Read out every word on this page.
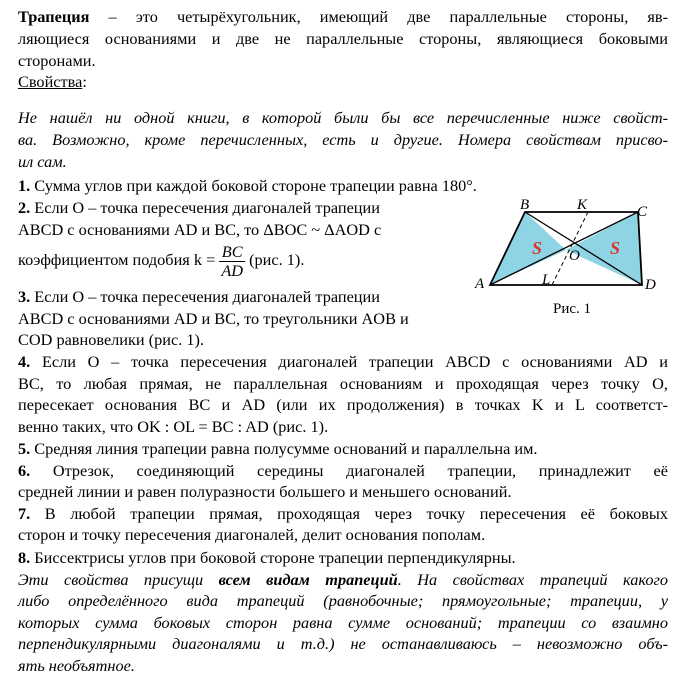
Трапеция – это четырёхугольник, имеющий две параллельные стороны, яв-
ляющиеся основаниями и две не параллельные стороны, являющиеся боковыми
сторонами.
Свойства:
Не нашёл ни одной книги, в которой были бы все перечисленные ниже свойст-
ва. Возможно, кроме перечисленных, есть и другие. Номера свойствам присво-
ил сам.
1. Сумма углов при каждой боковой стороне трапеции равна 180°.
2. Если O – точка пересечения диагоналей трапеции
ABCD с основаниями AD и BC, то ΔBOC ~ ΔAOD с
коэффициентом подобия $k = \frac{BC}{AD} (рис$. 1).
3. Если O – точка пересечения диагоналей трапеции
ABCD с основаниями AD и BC, то треугольники AOB и
COD равновелики (рис. 1).
4. Если O – точка пересечения диагоналей трапеции ABCD с основаниями AD и
BC, то любая прямая, не параллельная основаниям и проходящая через точку O,
пересекает основания BC и AD (или их продолжения) в точках K и L соответст-
венно таких, что OK : OL = BC : AD (рис. 1).
5. Средняя линия трапеции равна полусумме оснований и параллельна им.
6. Отрезок, соединяющий середины диагоналей трапеции, принадлежит её
средней линии и равен полуразности большего и меньшего оснований.
7. В любой трапеции прямая, проходящая через точку пересечения её боковых
сторон и точку пересечения диагоналей, делит основания пополам.
8. Биссектрисы углов при боковой стороне трапеции перпендикулярны.
Эти свойства присущи всем видам трапеций. На свойствах трапеций какого
либо определённого вида трапеций (равнобочные; прямоугольные; трапеции, у
которых сумма боковых сторон равна сумме оснований; трапеции со взаимно
перпендикулярными диагоналями и т.д.) не останавливаюсь – невозможно объ-
ять необъятное.
B	K	C
A	D
L
O
S	S
Рис. 1
